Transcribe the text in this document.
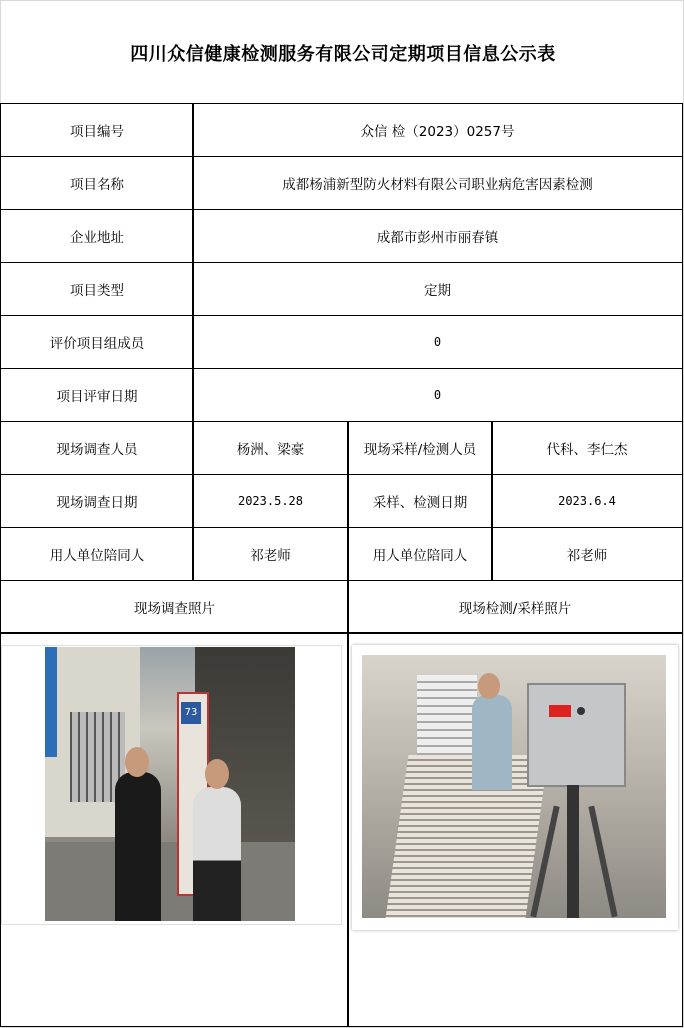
四川众信健康检测服务有限公司定期项目信息公示表
项目编号	众信 检（2023）0257号
项目名称	成都杨浦新型防火材料有限公司职业病危害因素检测
企业地址	成都市彭州市丽春镇
项目类型	定期
评价项目组成员	0
项目评审日期	0
现场调查人员	杨洲、梁豪	现场采样/检测人员	代科、李仁杰
现场调查日期	2023.5.28	采样、检测日期	2023.6.4
用人单位陪同人	祁老师	用人单位陪同人	祁老师
现场调查照片	现场检测/采样照片
73
